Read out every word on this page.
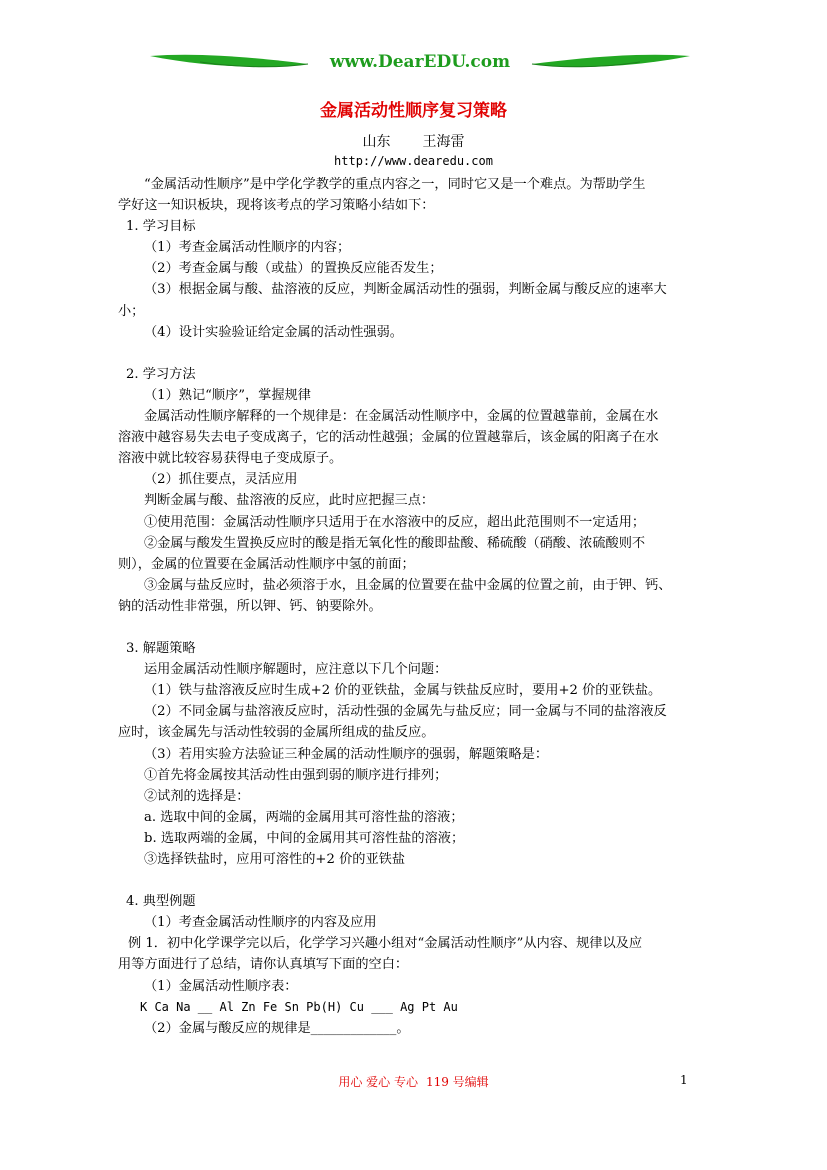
www.DearEDU.com
金属活动性顺序复习策略
山东 王海雷
http://www.dearedu.com
“金属活动性顺序”是中学化学教学的重点内容之一，同时它又是一个难点。为帮助学生
学好这一知识板块，现将该考点的学习策略小结如下：
1. 学习目标
（1）考查金属活动性顺序的内容；
（2）考查金属与酸（或盐）的置换反应能否发生；
（3）根据金属与酸、盐溶液的反应，判断金属活动性的强弱，判断金属与酸反应的速率大
小；
（4）设计实验验证给定金属的活动性强弱。
2. 学习方法
（1）熟记“顺序”，掌握规律
金属活动性顺序解释的一个规律是：在金属活动性顺序中，金属的位置越靠前，金属在水
溶液中越容易失去电子变成离子，它的活动性越强；金属的位置越靠后，该金属的阳离子在水
溶液中就比较容易获得电子变成原子。
（2）抓住要点，灵活应用
判断金属与酸、盐溶液的反应，此时应把握三点：
①使用范围：金属活动性顺序只适用于在水溶液中的反应，超出此范围则不一定适用；
②金属与酸发生置换反应时的酸是指无氧化性的酸即盐酸、稀硫酸（硝酸、浓硫酸则不
则），金属的位置要在金属活动性顺序中氢的前面；
③金属与盐反应时，盐必须溶于水，且金属的位置要在盐中金属的位置之前，由于钾、钙、
钠的活动性非常强，所以钾、钙、钠要除外。
3. 解题策略
运用金属活动性顺序解题时，应注意以下几个问题：
（1）铁与盐溶液反应时生成+2 价的亚铁盐，金属与铁盐反应时，要用+2 价的亚铁盐。
（2）不同金属与盐溶液反应时，活动性强的金属先与盐反应；同一金属与不同的盐溶液反
应时，该金属先与活动性较弱的金属所组成的盐反应。
（3）若用实验方法验证三种金属的活动性顺序的强弱，解题策略是：
①首先将金属按其活动性由强到弱的顺序进行排列；
②试剂的选择是：
a. 选取中间的金属，两端的金属用其可溶性盐的溶液；
b. 选取两端的金属，中间的金属用其可溶性盐的溶液；
③选择铁盐时，应用可溶性的+2 价的亚铁盐
4. 典型例题
（1）考查金属活动性顺序的内容及应用
例 1．初中化学课学完以后，化学学习兴趣小组对“金属活动性顺序”从内容、规律以及应
用等方面进行了总结，请你认真填写下面的空白：
（1）金属活动性顺序表：
K Ca Na __ Al Zn Fe Sn Pb(H) Cu ___ Ag Pt Au
（2）金属与酸反应的规律是_____________。
用心 爱心 专心 119 号编辑	1
